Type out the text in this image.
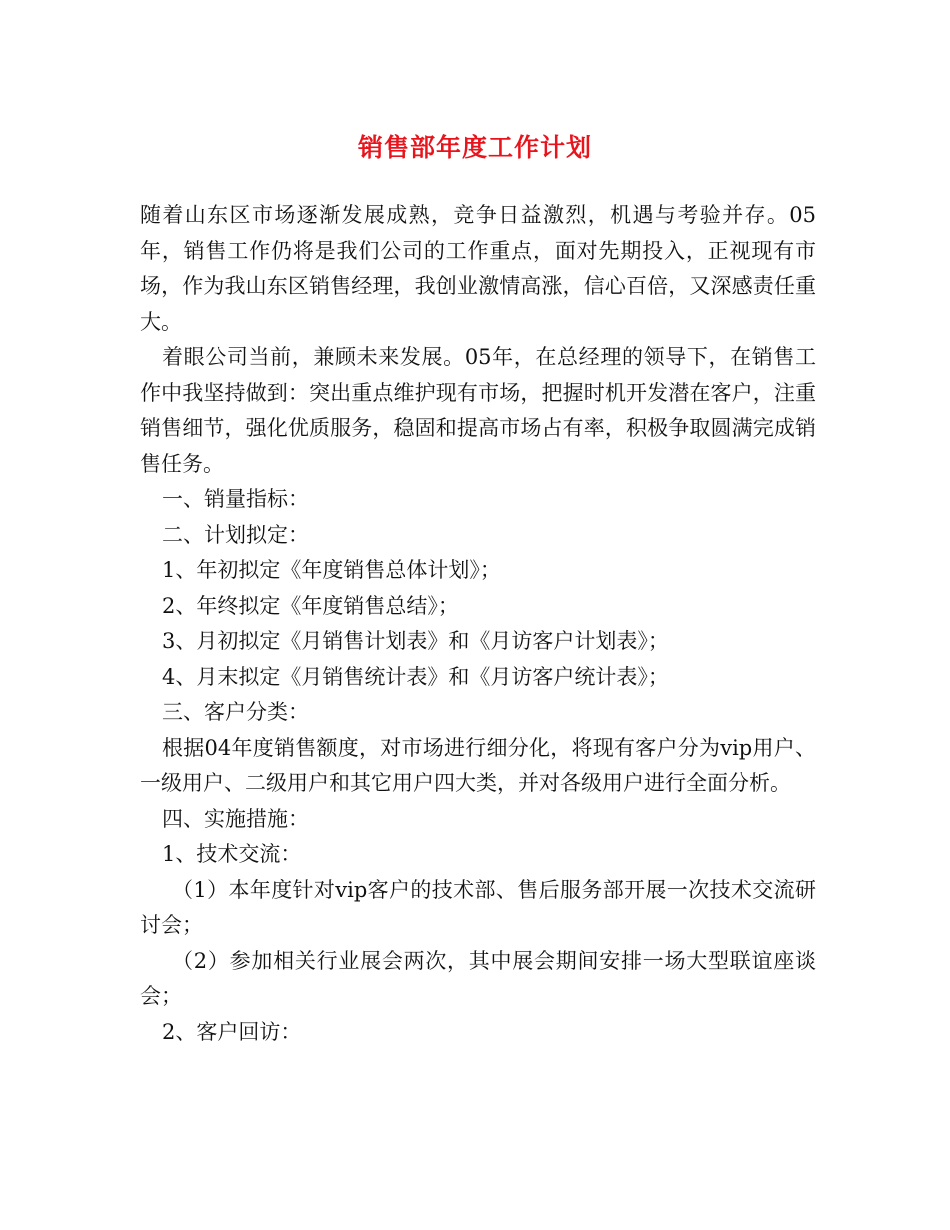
销售部年度工作计划

随着山东区市场逐渐发展成熟，竞争日益激烈，机遇与考验并存。05年，销售工作仍将是我们公司的工作重点，面对先期投入，正视现有市场，作为我山东区销售经理，我创业激情高涨，信心百倍，又深感责任重大。

着眼公司当前，兼顾未来发展。05年，在总经理的领导下，在销售工作中我坚持做到：突出重点维护现有市场，把握时机开发潜在客户，注重销售细节，强化优质服务，稳固和提高市场占有率，积极争取圆满完成销售任务。

一、销量指标：

二、计划拟定：

1、年初拟定《年度销售总体计划》；

2、年终拟定《年度销售总结》；

3、月初拟定《月销售计划表》和《月访客户计划表》；

4、月末拟定《月销售统计表》和《月访客户统计表》；

三、客户分类：

根据04年度销售额度，对市场进行细分化，将现有客户分为vip用户、一级用户、二级用户和其它用户四大类，并对各级用户进行全面分析。

四、实施措施：

1、技术交流：

（1）本年度针对vip客户的技术部、售后服务部开展一次技术交流研讨会；

（2）参加相关行业展会两次，其中展会期间安排一场大型联谊座谈会；

2、客户回访：
